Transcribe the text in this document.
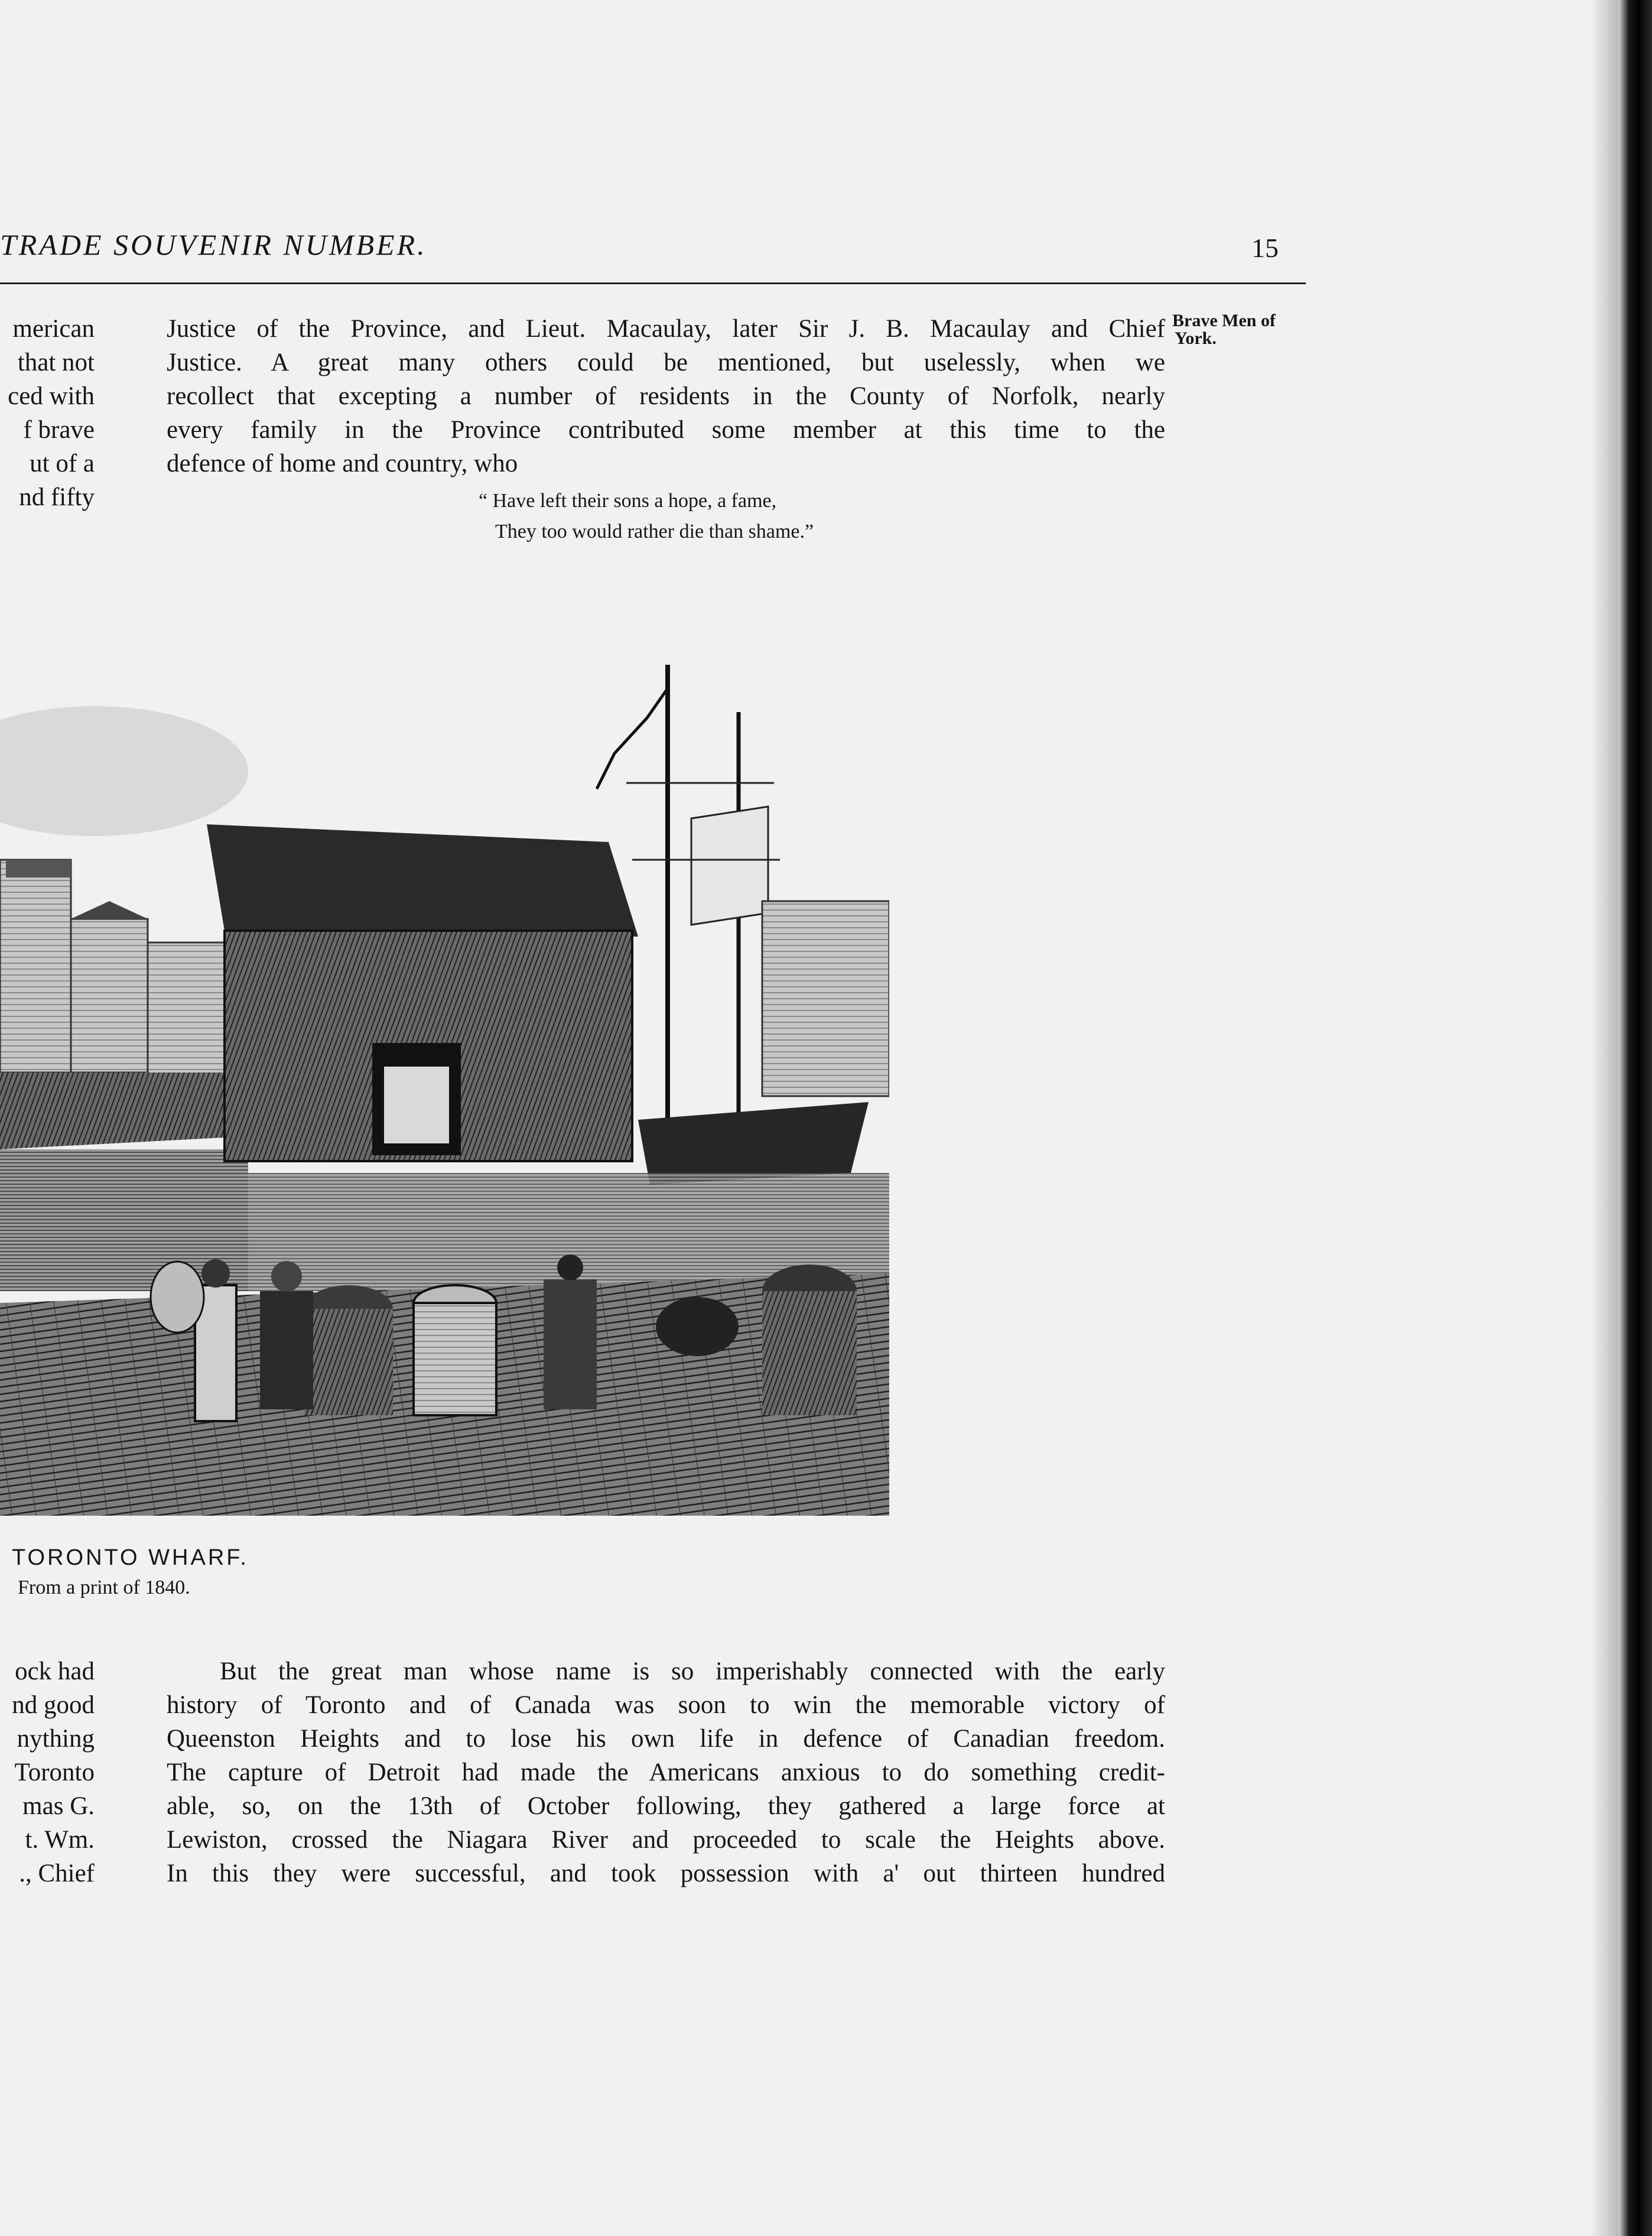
TRADE SOUVENIR NUMBER.	15
merican
that not
ced with
f brave
ut of a
nd fifty
Justice of the Province, and Lieut. Macaulay, later Sir J. B. Macaulay and Chief
Justice. A great many others could be mentioned, but uselessly, when we
recollect that excepting a number of residents in the County of Norfolk, nearly
every family in the Province contributed some member at this time to the
defence of home and country, who
Brave Men of
York.
“ Have left their sons a hope, a fame,
They too would rather die than shame.”
TORONTO WHARF.
From a print of 1840.
ock had
nd good
nything
Toronto
mas G.
t. Wm.
., Chief
But the great man whose name is so imperishably connected with the early
history of Toronto and of Canada was soon to win the memorable victory of
Queenston Heights and to lose his own life in defence of Canadian freedom.
The capture of Detroit had made the Americans anxious to do something credit-
able, so, on the 13th of October following, they gathered a large force at
Lewiston, crossed the Niagara River and proceeded to scale the Heights above.
In this they were successful, and took possession with a' out thirteen hundred
